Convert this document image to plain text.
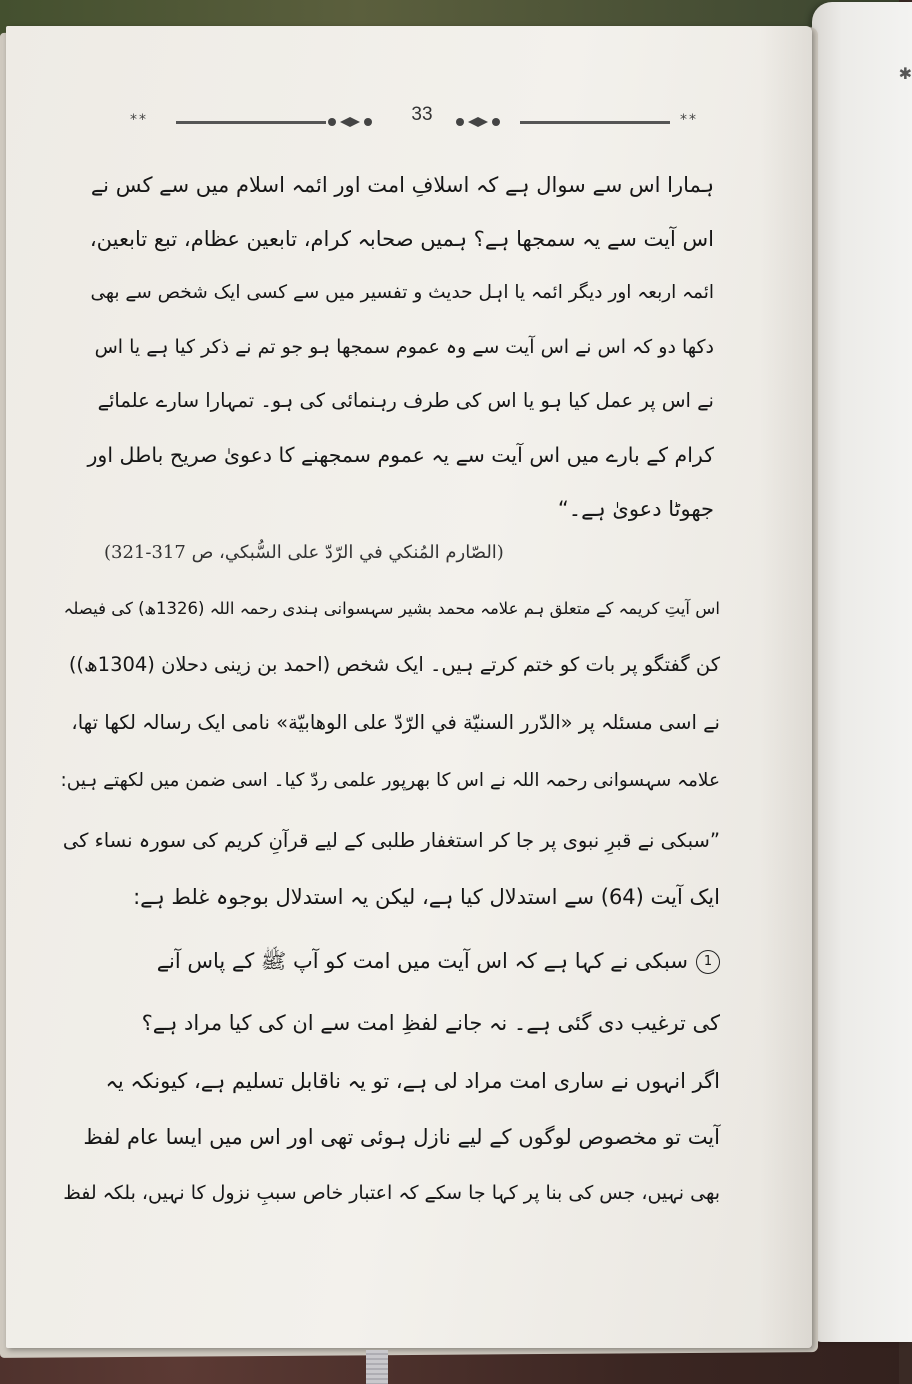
✱
**	33	**
ہمارا اس سے سوال ہے کہ اسلافِ امت اور ائمہ اسلام میں سے کس نے
اس آیت سے یہ سمجھا ہے؟ ہمیں صحابہ کرام، تابعین عظام، تبع تابعین،
ائمہ اربعہ اور دیگر ائمہ یا اہل حدیث و تفسیر میں سے کسی ایک شخص سے بھی
دکھا دو کہ اس نے اس آیت سے وہ عموم سمجھا ہو جو تم نے ذکر کیا ہے یا اس
نے اس پر عمل کیا ہو یا اس کی طرف رہنمائی کی ہو۔ تمہارا سارے علمائے
کرام کے بارے میں اس آیت سے یہ عموم سمجھنے کا دعویٰ صریح باطل اور
جھوٹا دعویٰ ہے۔“
(الصّارم المُنكي في الرّدّ على السُّبكي، ص 317-321)
اس آیتِ کریمہ کے متعلق ہم علامہ محمد بشیر سہسوانی ہندی رحمہ اللہ (1326ھ) کی فیصلہ
کن گفتگو پر بات کو ختم کرتے ہیں۔ ایک شخص (احمد بن زینی دحلان (1304ھ))
نے اسی مسئلہ پر «الدّرر السنيّة في الرّدّ على الوهابيّة» نامی ایک رسالہ لکھا تھا،
علامہ سہسوانی رحمہ اللہ نے اس کا بھرپور علمی ردّ کیا۔ اسی ضمن میں لکھتے ہیں:
”سبکی نے قبرِ نبوی پر جا کر استغفار طلبی کے لیے قرآنِ کریم کی سورہ نساء کی
ایک آیت (64) سے استدلال کیا ہے، لیکن یہ استدلال بوجوہ غلط ہے:
1سبکی نے کہا ہے کہ اس آیت میں امت کو آپ ﷺ کے پاس آنے
کی ترغیب دی گئی ہے۔ نہ جانے لفظِ امت سے ان کی کیا مراد ہے؟
اگر انہوں نے ساری امت مراد لی ہے، تو یہ ناقابل تسلیم ہے، کیونکہ یہ
آیت تو مخصوص لوگوں کے لیے نازل ہوئی تھی اور اس میں ایسا عام لفظ
بھی نہیں، جس کی بنا پر کہا جا سکے کہ اعتبار خاص سببِ نزول کا نہیں، بلکہ لفظ
